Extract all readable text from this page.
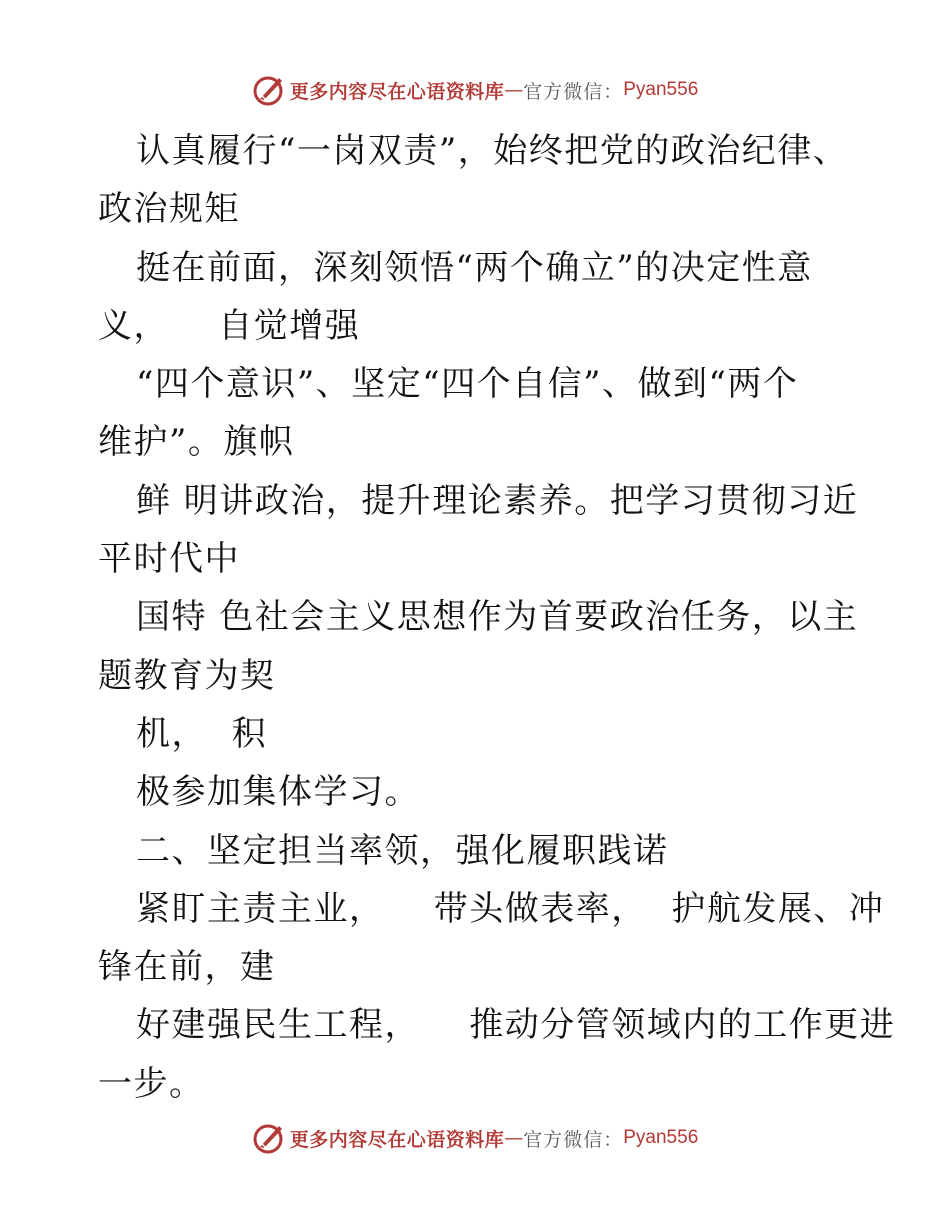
更多内容尽在心语资料库 — 官方微信： Pyan556
认真履行“一岗双责”，始终把党的政治纪律、
政治规矩
挺在前面，深刻领悟“两个确立”的决定性意
义，    自觉增强
“四个意识”、坚定“四个自信”、做到“两个
维护”。旗帜
鲜 明讲政治，提升理论素养。把学习贯彻习近
平时代中
国特 色社会主义思想作为首要政治任务，以主
题教育为契
机，  积
极参加集体学习。
二、坚定担当率领，强化履职践诺
紧盯主责主业，    带头做表率，  护航发展、冲
锋在前，建
好建强民生工程，    推动分管领域内的工作更进
一步。
更多内容尽在心语资料库 — 官方微信： Pyan556
